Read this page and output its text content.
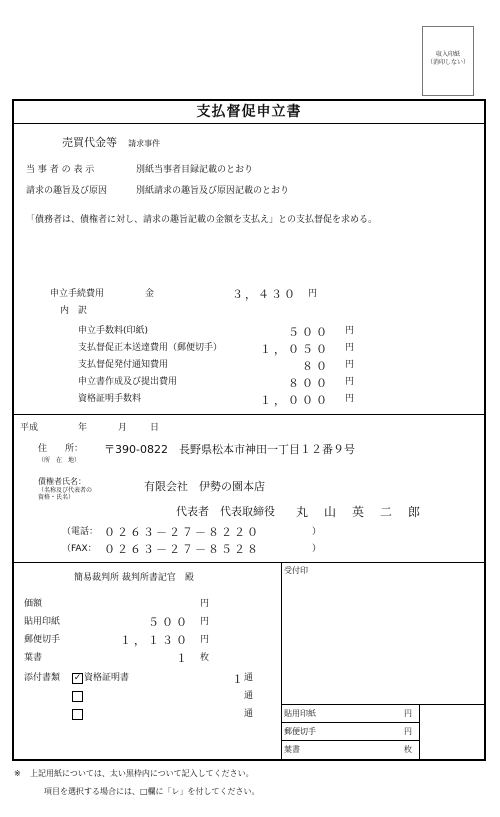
収入印紙
（消印しない）
支払督促申立書
売買代金等 請求事件
当 事 者 の 表 示	別紙当事者目録記載のとおり
請求の趣旨及び原因	別紙請求の趣旨及び原因記載のとおり
「債務者は、債権者に対し、請求の趣旨記載の金額を支払え」との支払督促を求める。
申立手続費用	金	３，４３０ 円
内　訳
申立手数料(印紙)	５００ 円
支払督促正本送達費用（郵便切手）	１，０５０ 円
支払督促発付通知費用	８０ 円
申立書作成及び提出費用	８００ 円
資格証明手数料	１，０００ 円
平成	年	月	日
住　　所：
（所　在　地）
〒390-0822　長野県松本市神田一丁目１２番９号
債権者氏名：
（名称及び代表者の
資格・氏名）
有限会社　伊勢の園本店
代表者　代表取締役 丸　山　英　二　郎
（電話： ０２６３－２７－８２２０	）
（FAX： ０２６３－２７－８５２８	）
簡易裁判所 裁判所書記官　殿
受付印
価額	円
貼用印紙	５００ 円
郵便切手	１，１３０ 円
葉書	１ 枚
添付書類 ✓ 資格証明書	１ 通
通
通	貼用印紙	円
郵便切手	円
葉書	枚
※ 上記用紙については、太い黒枠内について記入してください。
項目を選択する場合には、□欄に「レ」を付してください。
